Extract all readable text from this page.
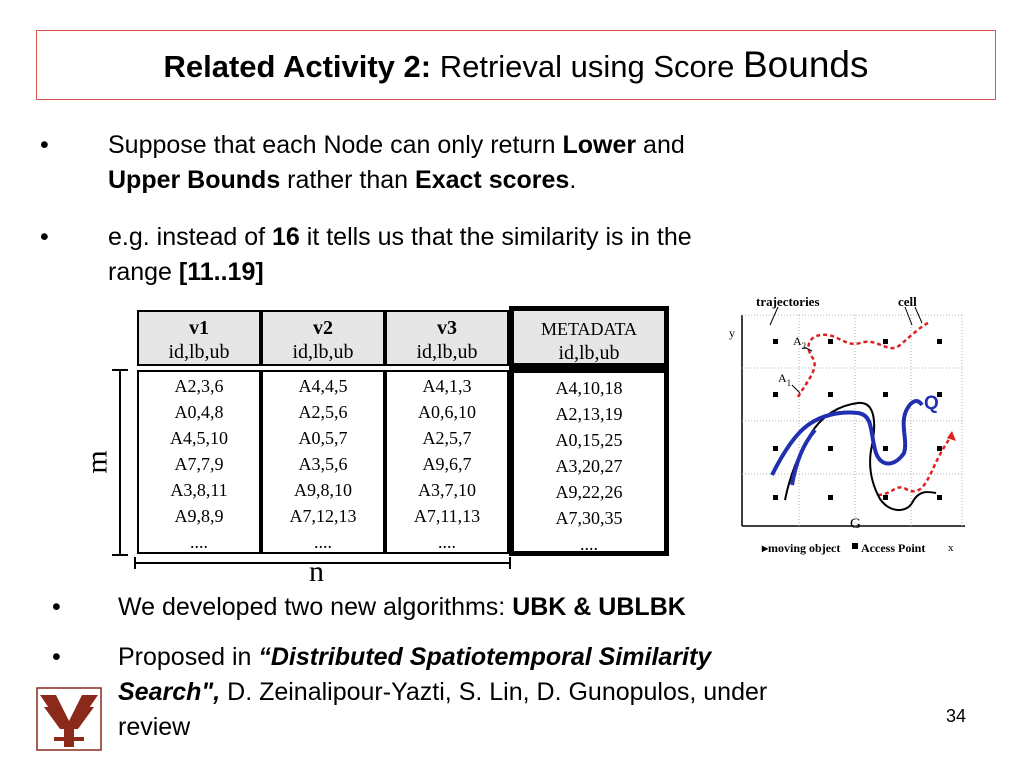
Related Activity 2: Retrieval using Score Bounds
• Suppose that each Node can only return Lower and
Upper Bounds rather than Exact scores.
• e.g. instead of 16 it tells us that the similarity is in the
range [11..19]
v1
id,lb,ub
v2
id,lb,ub
v3
id,lb,ub
METADATA
id,lb,ub
A2,3,6
A0,4,8
A4,5,10
A7,7,9
A3,8,11
A9,8,9
....
A4,4,5
A2,5,6
A0,5,7
A3,5,6
A9,8,10
A7,12,13
....
A4,1,3
A0,6,10
A2,5,7
A9,6,7
A3,7,10
A7,11,13
....
A4,10,18
A2,13,19
A0,15,25
A3,20,27
A9,22,26
A7,30,35
....
m
n
trajectories	cell
y
$A_2$
$A_1$
Q
G
▸moving object Access Point x
• We developed two new algorithms: UBK & UBLBK
• Proposed in “Distributed Spatiotemporal Similarity
Search", D. Zeinalipour-Yazti, S. Lin, D. Gunopulos, under
review	34
